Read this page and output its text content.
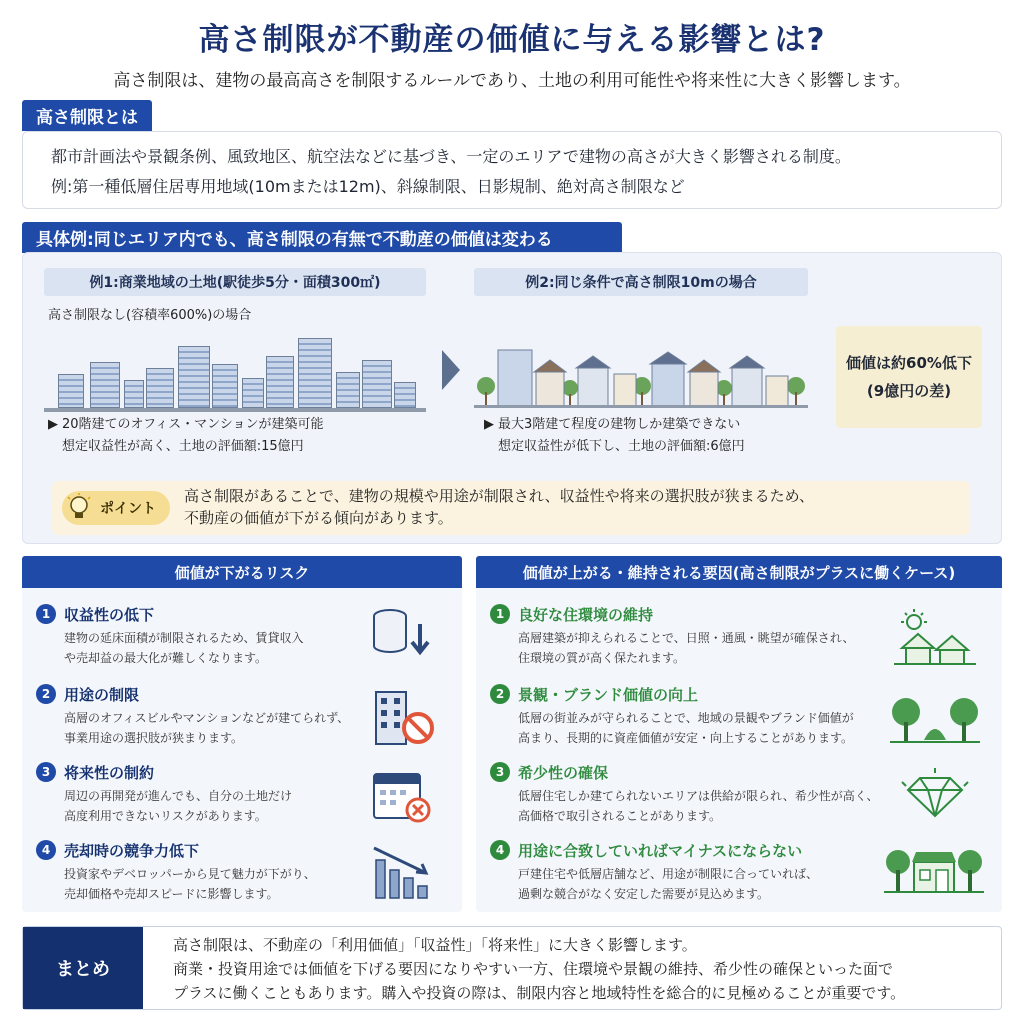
高さ制限が不動産の価値に与える影響とは?
高さ制限は、建物の最高高さを制限するルールであり、土地の利用可能性や将来性に大きく影響します。
高さ制限とは
都市計画法や景観条例、風致地区、航空法などに基づき、一定のエリアで建物の高さが大きく影響される制度。
例:第一種低層住居専用地域(10mまたは12m)、斜線制限、日影規制、絶対高さ制限など
具体例:同じエリア内でも、高さ制限の有無で不動産の価値は変わる
例1:商業地域の土地(駅徒歩5分・面積300㎡)
高さ制限なし(容積率600%)の場合
▶ 20階建てのオフィス・マンションが建築可能
想定収益性が高く、土地の評価額:15億円
例2:同じ条件で高さ制限10mの場合
▶ 最大3階建て程度の建物しか建築できない
想定収益性が低下し、土地の評価額:6億円
価値は約60%低下
(9億円の差)
ポイント
高さ制限があることで、建物の規模や用途が制限され、収益性や将来の選択肢が狭まるため、
不動産の価値が下がる傾向があります。
価値が下がるリスク
1 収益性の低下
建物の延床面積が制限されるため、賃貸収入
や売却益の最大化が難しくなります。
2 用途の制限
高層のオフィスビルやマンションなどが建てられず、
事業用途の選択肢が狭まります。
3 将来性の制約
周辺の再開発が進んでも、自分の土地だけ
高度利用できないリスクがあります。
4 売却時の競争力低下
投資家やデベロッパーから見て魅力が下がり、
売却価格や売却スピードに影響します。
価値が上がる・維持される要因(高さ制限がプラスに働くケース)
1 良好な住環境の維持
高層建築が抑えられることで、日照・通風・眺望が確保され、
住環境の質が高く保たれます。
2 景観・ブランド価値の向上
低層の街並みが守られることで、地域の景観やブランド価値が
高まり、長期的に資産価値が安定・向上することがあります。
3 希少性の確保
低層住宅しか建てられないエリアは供給が限られ、希少性が高く、
高価格で取引されることがあります。
4 用途に合致していればマイナスにならない
戸建住宅や低層店舗など、用途が制限に合っていれば、
過剰な競合がなく安定した需要が見込めます。
まとめ
高さ制限は、不動産の「利用価値」「収益性」「将来性」に大きく影響します。
商業・投資用途では価値を下げる要因になりやすい一方、住環境や景観の維持、希少性の確保といった面で
プラスに働くこともあります。購入や投資の際は、制限内容と地域特性を総合的に見極めることが重要です。
